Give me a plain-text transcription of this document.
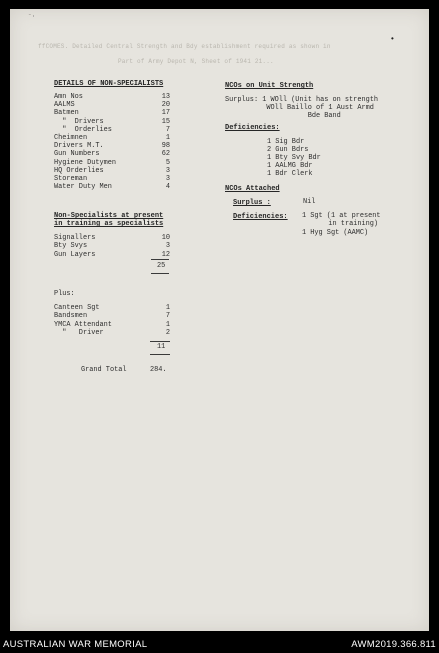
ffCOMES. Detailed Central Strength and Bdy establishment required as shown in
Part of Army Depot N, Sheet of 1941 21...
•
⁻·
DETAILS OF NON-SPECIALISTS
Amn Nos	13
AALMS	20
Batmen	17
"  Drivers	15
"  Orderlies	7
Cheimnen	1
Drivers M.T.	98
Gun Numbers	62
Hygiene Dutymen	5
HQ Orderlies	3
Storeman	3
Water Duty Men	4
Non-Specialists at present
in training as specialists
Signallers	10
Bty Svys	3
Gun Layers	12
25
Plus:
Canteen Sgt	1
Bandsmen	7
YMCA Attendant	1
"   Driver	2
11
Grand Total	284.
NCOs on Unit Strength
Surplus: 1 WOll (Unit has on strength
WOll Baillo of 1 Aust Armd
Bde Band
Deficiencies:
1 Sig Bdr
2 Gun Bdrs
1 Bty Svy Bdr
1 AALMG Bdr
1 Bdr Clerk
NCOs Attached
Surplus :	Nil
Deficiencies: 1 Sgt (1 at present
in training)
1 Hyg Sgt (AAMC)
AUSTRALIAN WAR MEMORIAL	AWM2019.366.811
